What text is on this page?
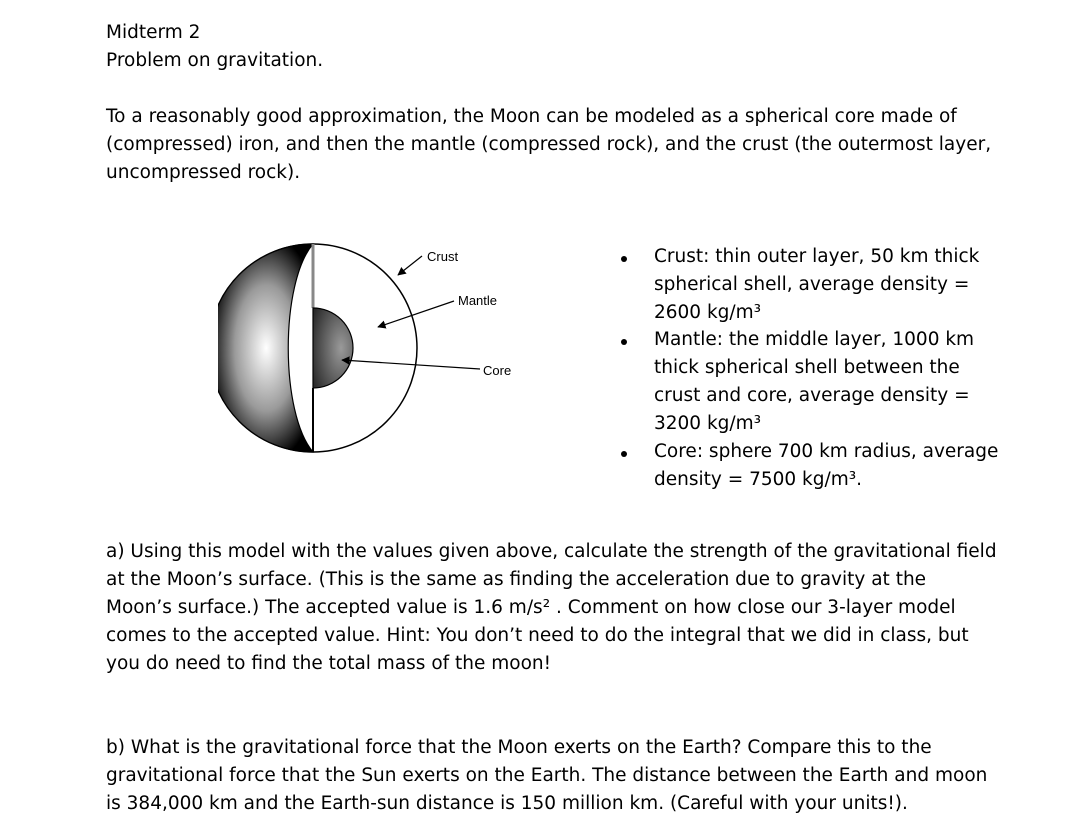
Midterm 2
Problem on gravitation.
To a reasonably good approximation, the Moon can be modeled as a spherical core made of
(compressed) iron, and then the mantle (compressed rock), and the crust (the outermost layer,
uncompressed rock).
Crust
Mantle
Core
Crust: thin outer layer, 50 km thick
spherical shell, average density =
2600 kg/m³
Mantle: the middle layer, 1000 km
thick spherical shell between the
crust and core, average density =
3200 kg/m³
Core: sphere 700 km radius, average
density = 7500 kg/m³.
a) Using this model with the values given above, calculate the strength of the gravitational field
at the Moon’s surface. (This is the same as finding the acceleration due to gravity at the
Moon’s surface.) The accepted value is 1.6 m/s² . Comment on how close our 3-layer model
comes to the accepted value. Hint: You don’t need to do the integral that we did in class, but
you do need to find the total mass of the moon!
b) What is the gravitational force that the Moon exerts on the Earth? Compare this to the
gravitational force that the Sun exerts on the Earth. The distance between the Earth and moon
is 384,000 km and the Earth-sun distance is 150 million km. (Careful with your units!).
